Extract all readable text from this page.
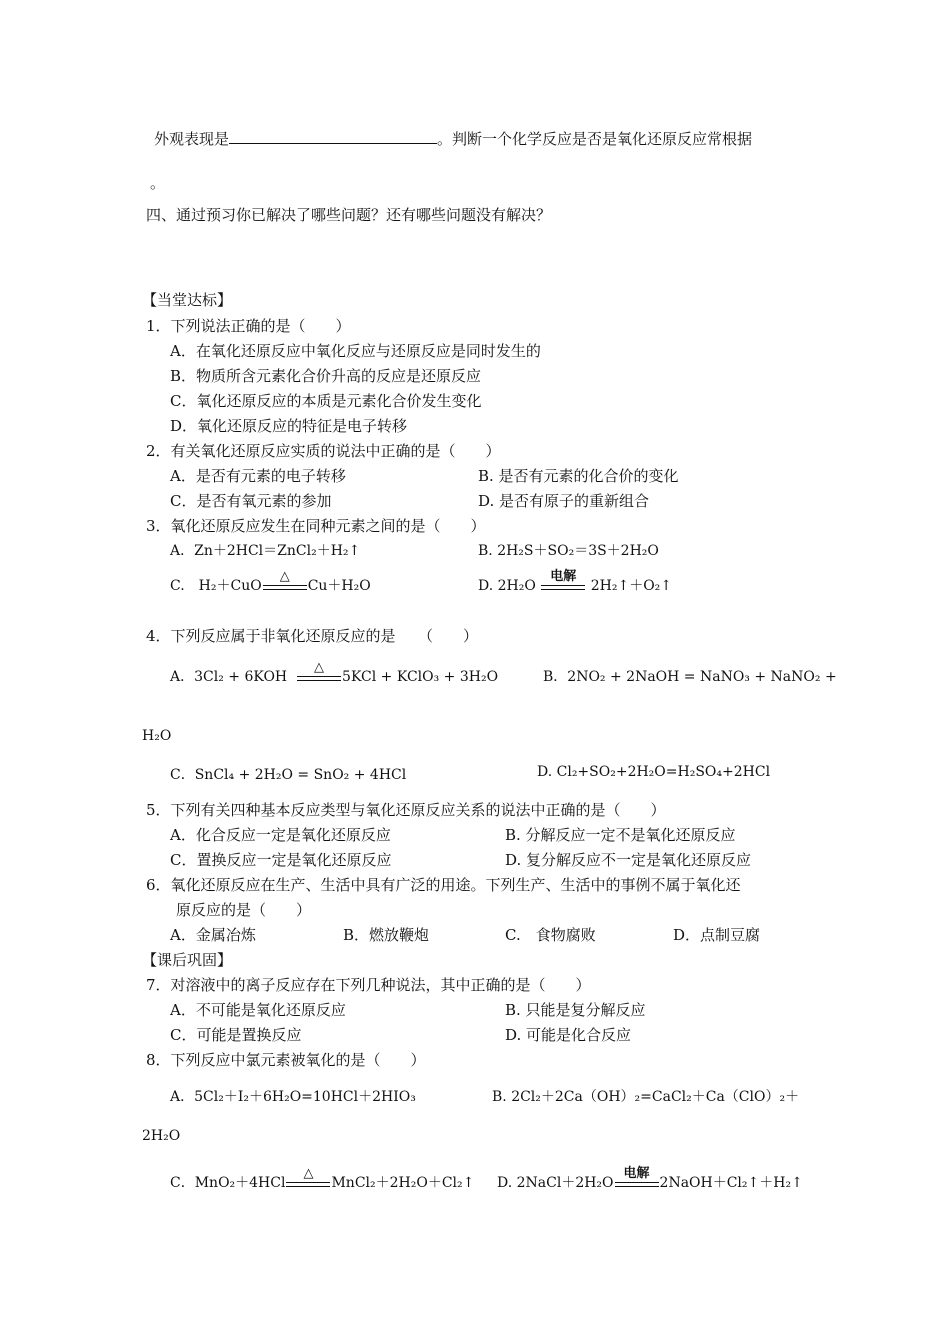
外观表现是	。判断一个化学反应是否是氧化还原反应常根据
。
四、通过预习你已解决了哪些问题？还有哪些问题没有解决？
【当堂达标】
1．下列说法正确的是（　　）
A．在氧化还原反应中氧化反应与还原反应是同时发生的
B．物质所含元素化合价升高的反应是还原反应
C．氧化还原反应的本质是元素化合价发生变化
D．氧化还原反应的特征是电子转移
2．有关氧化还原反应实质的说法中正确的是（　　）
A．是否有元素的电子转移	B. 是否有元素的化合价的变化
C．是否有氧元素的参加	D. 是否有原子的重新组合
3．氧化还原反应发生在同种元素之间的是（　　）
A．Zn＋2HCl＝ZnCl₂＋H₂↑	B. 2H₂S＋SO₂＝3S＋2H₂O
C.　H₂＋CuO
△
Cu＋H₂O	D. 2H₂O
电解
2H₂↑＋O₂↑
4．下列反应属于非氧化还原反应的是　　（　　）
A．3Cl₂ + 6KOH
△
5KCl + KClO₃ + 3H₂O	B．2NO₂ + 2NaOH = NaNO₃ + NaNO₂ +
H₂O
C．SnCl₄ + 2H₂O = SnO₂ + 4HCl	D. Cl₂+SO₂+2H₂O=H₂SO₄+2HCl
5．下列有关四种基本反应类型与氧化还原反应关系的说法中正确的是（　　）
A．化合反应一定是氧化还原反应	B. 分解反应一定不是氧化还原反应
C．置换反应一定是氧化还原反应	D. 复分解反应不一定是氧化还原反应
6．氧化还原反应在生产、生活中具有广泛的用途。下列生产、生活中的事例不属于氧化还
原反应的是（　　）
A．金属冶炼	B．燃放鞭炮	C.　食物腐败	D．点制豆腐
【课后巩固】
7．对溶液中的离子反应存在下列几种说法，其中正确的是（　　）
A．不可能是氧化还原反应	B. 只能是复分解反应
C．可能是置换反应	D. 可能是化合反应
8．下列反应中氯元素被氧化的是（　　）
A．5Cl₂＋I₂＋6H₂O=10HCl＋2HIO₃	B. 2Cl₂＋2Ca（OH）₂=CaCl₂＋Ca（ClO）₂＋
2H₂O
C．MnO₂＋4HCl
△
MnCl₂＋2H₂O＋Cl₂↑ D. 2NaCl＋2H₂O
电解
2NaOH＋Cl₂↑＋H₂↑
